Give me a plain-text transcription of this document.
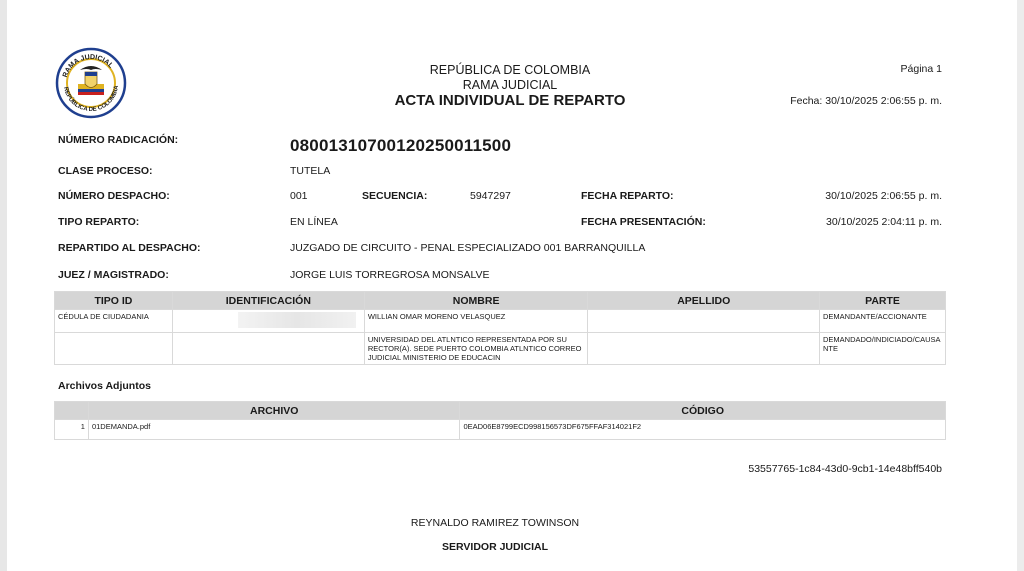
RAMA JUDICIAL
REPÚBLICA DE COLOMBIA
REPÚBLICA DE COLOMBIA
RAMA JUDICIAL
ACTA INDIVIDUAL DE REPARTO
Página 1
Fecha: 30/10/2025 2:06:55 p. m.
NÚMERO RADICACIÓN:	08001310700120250011500
CLASE PROCESO:	TUTELA
NÚMERO DESPACHO:	001	SECUENCIA:	5947297	FECHA REPARTO:	30/10/2025 2:06:55 p. m.
TIPO REPARTO:	EN LÍNEA	FECHA PRESENTACIÓN:	30/10/2025 2:04:11 p. m.
REPARTIDO AL DESPACHO:	JUZGADO DE CIRCUITO - PENAL ESPECIALIZADO 001 BARRANQUILLA
JUEZ / MAGISTRADO:	JORGE LUIS TORREGROSA MONSALVE
TIPO ID	IDENTIFICACIÓN	NOMBRE	APELLIDO	PARTE
CÉDULA DE CIUDADANIA		WILLIAN OMAR MORENO VELASQUEZ		DEMANDANTE/ACCIONANTE
		UNIVERSIDAD DEL ATLNTICO REPRESENTADA POR SU RECTOR(A). SEDE PUERTO COLOMBIA ATLNTICO CORREO JUDICIAL MINISTERIO DE EDUCACIN		DEMANDADO/INDICIADO/CAUSANTE
Archivos Adjuntos
	ARCHIVO	CÓDIGO
1	01DEMANDA.pdf	0EAD06E8799ECD998156573DF675FFAF314021F2
53557765-1c84-43d0-9cb1-14e48bff540b
REYNALDO RAMIREZ TOWINSON
SERVIDOR JUDICIAL
